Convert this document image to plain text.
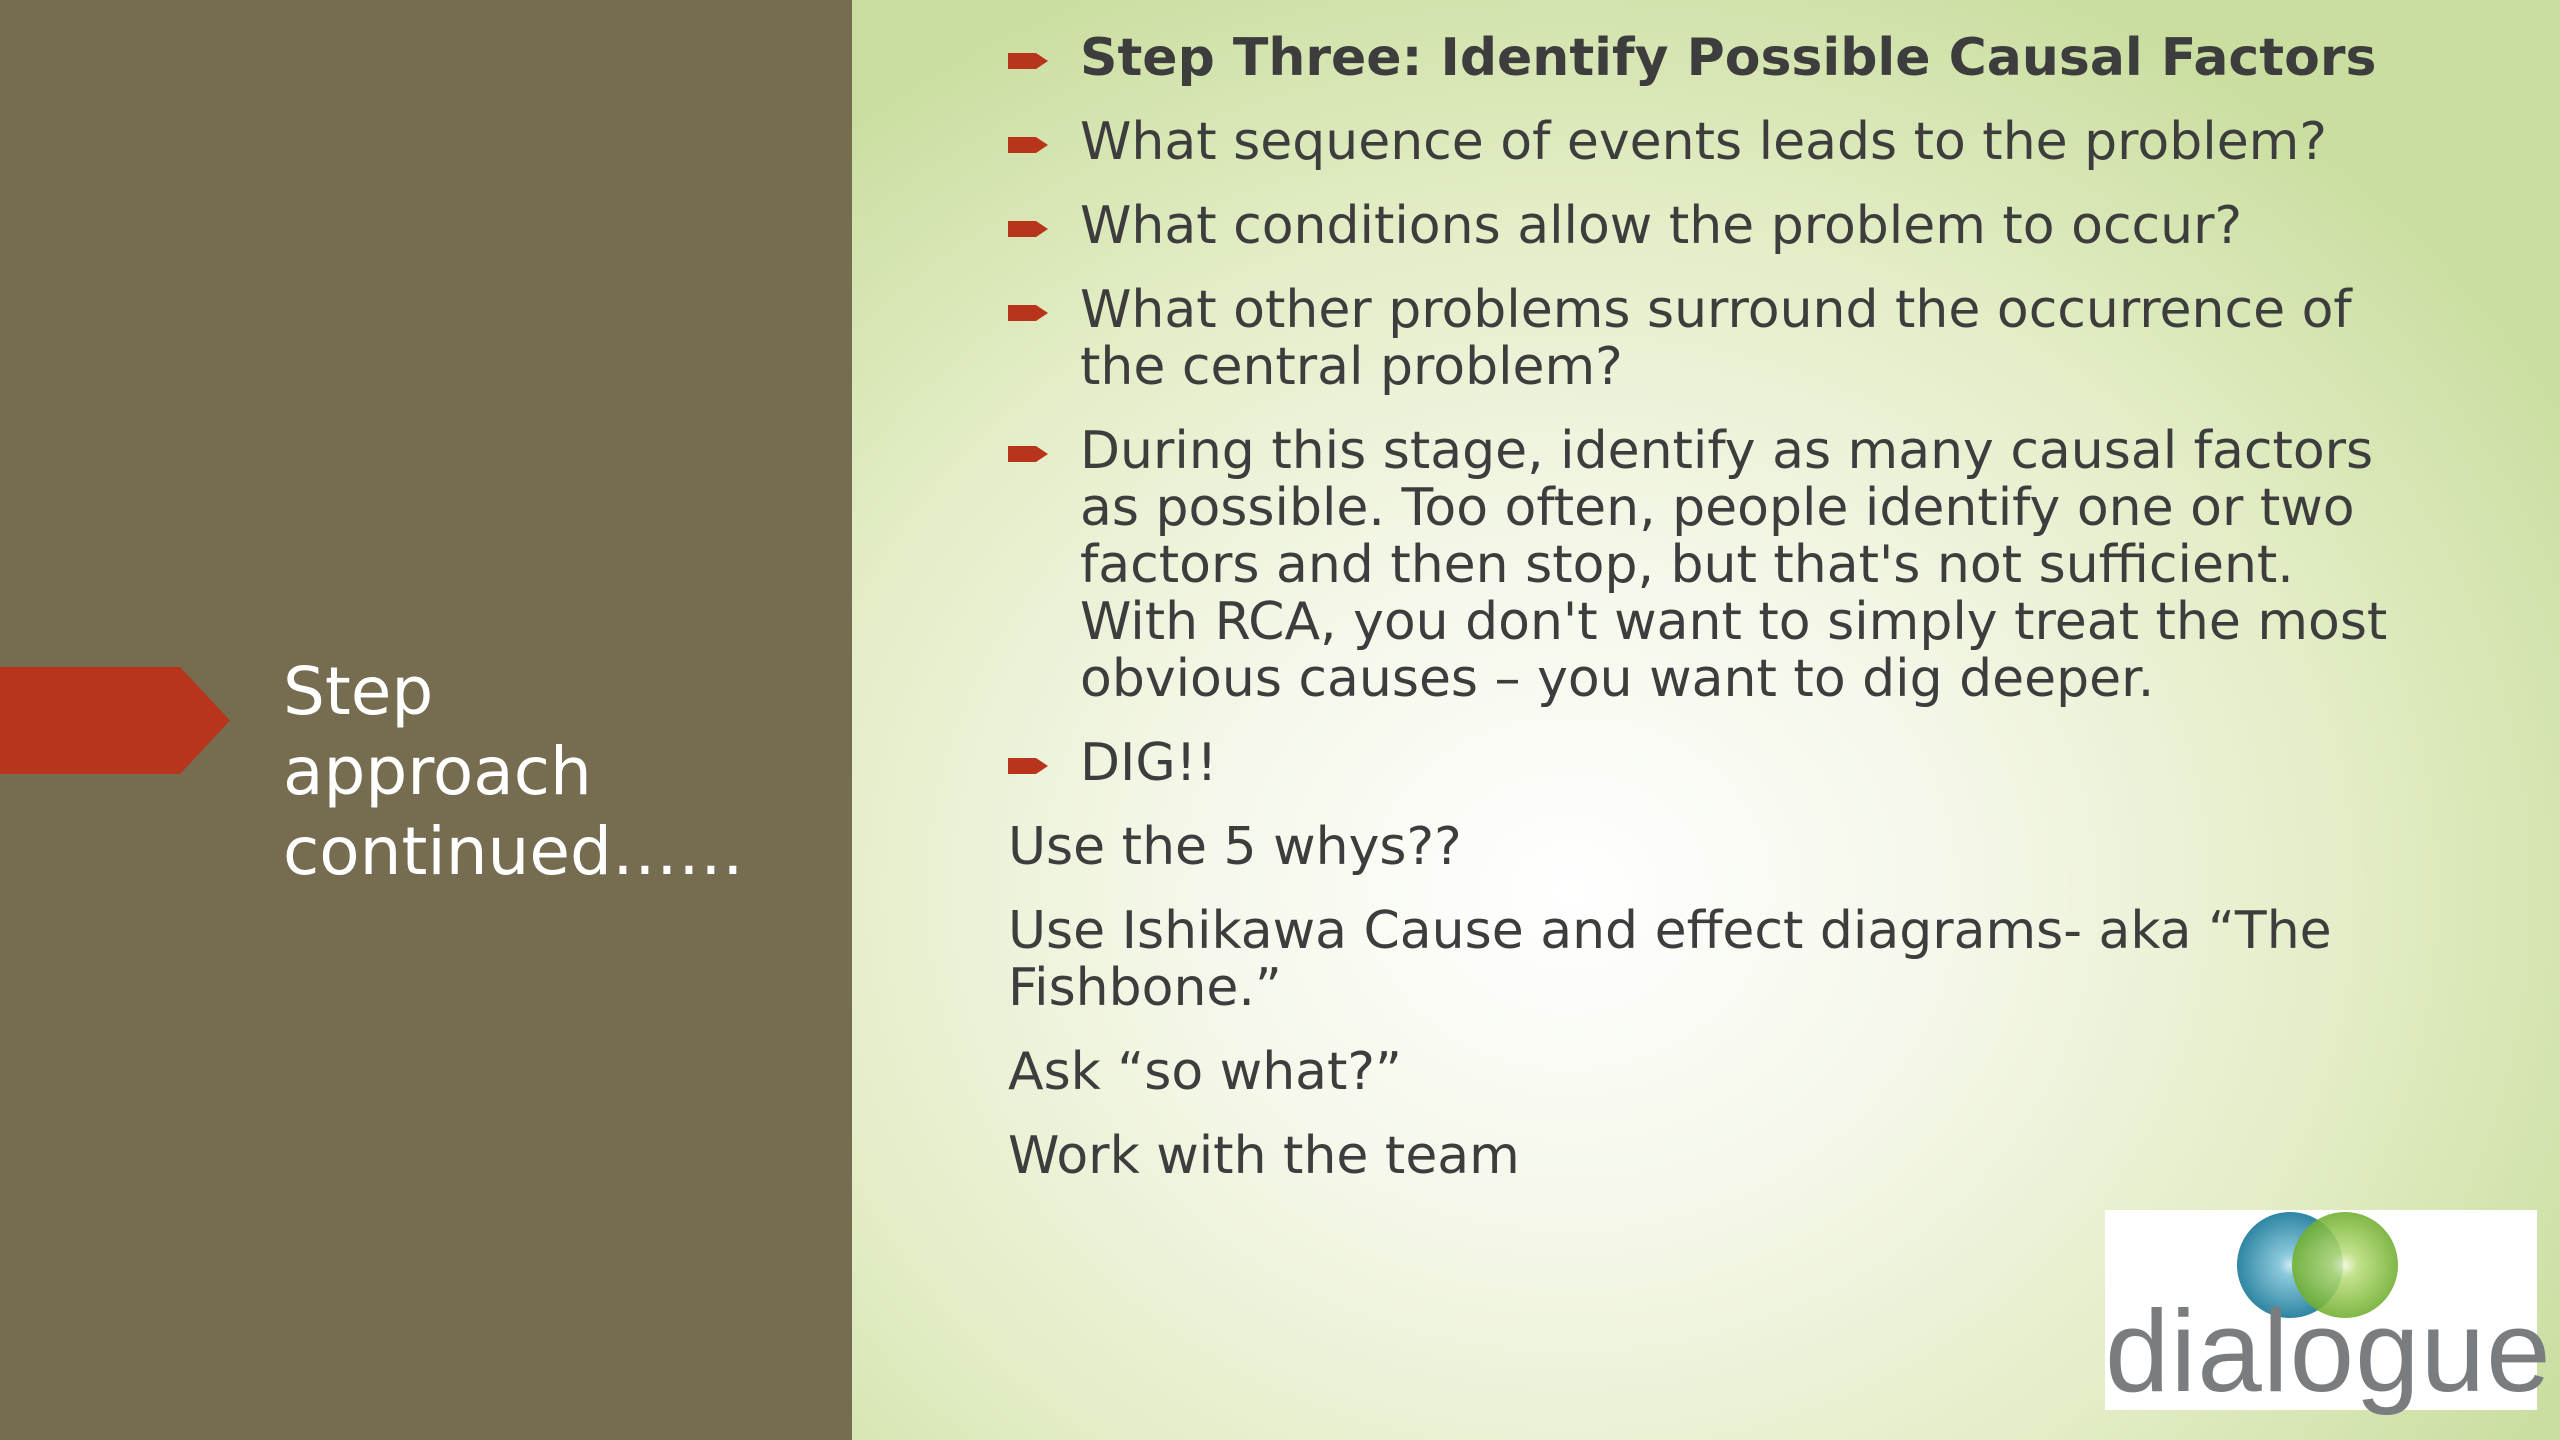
Step
approach
continued……
Step Three: Identify Possible Causal Factors
What sequence of events leads to the problem?
What conditions allow the problem to occur?
What other problems surround the occurrence of the central problem?
During this stage, identify as many causal factors as possible. Too often, people identify one or two factors and then stop, but that's not sufficient. With RCA, you don't want to simply treat the most obvious causes – you want to dig deeper.
DIG!!

Use the 5 whys??

Use Ishikawa Cause and effect diagrams- aka “The Fishbone.”

Ask “so what?”

Work with the team

dialogue
